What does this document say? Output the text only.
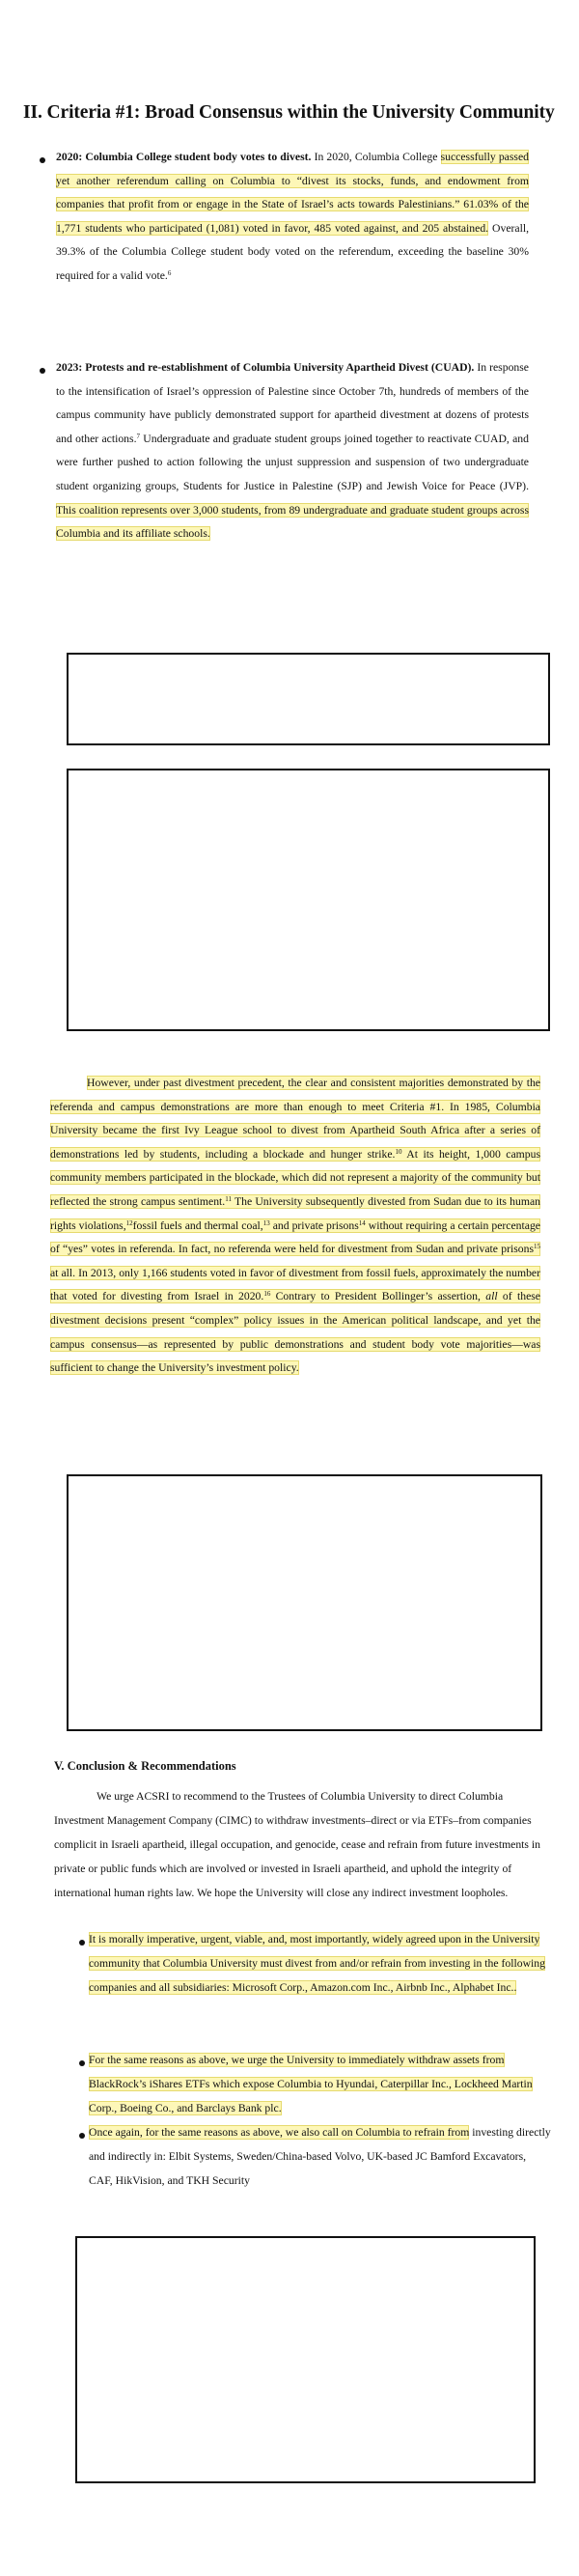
II. Criteria #1: Broad Consensus within the University Community

2020: Columbia College student body votes to divest. In 2020, Columbia College successfully passed yet another referendum calling on Columbia to “divest its stocks, funds, and endowment from companies that profit from or engage in the State of Israel’s acts towards Palestinians.” 61.03% of the 1,771 students who participated (1,081) voted in favor, 485 voted against, and 205 abstained. Overall, 39.3% of the Columbia College student body voted on the referendum, exceeding the baseline 30% required for a valid vote.$^6$

2023: Protests and re-establishment of Columbia University Apartheid Divest (CUAD). In response to the intensification of Israel’s oppression of Palestine since October 7th, hundreds of members of the campus community have publicly demonstrated support for apartheid divestment at dozens of protests and other actions.$^7$ Undergraduate and graduate student groups joined together to reactivate CUAD, and were further pushed to action following the unjust suppression and suspension of two undergraduate student organizing groups, Students for Justice in Palestine (SJP) and Jewish Voice for Peace (JVP). This coalition represents over 3,000 students, from 89 undergraduate and graduate student groups across Columbia and its affiliate schools.

However, under past divestment precedent, the clear and consistent majorities demonstrated by the referenda and campus demonstrations are more than enough to meet Criteria #1. In 1985, Columbia University became the first Ivy League school to divest from Apartheid South Africa after a series of demonstrations led by students, including a blockade and hunger strike.$^{10}$ At its height, 1,000 campus community members participated in the blockade, which did not represent a majority of the community but reflected the strong campus sentiment.$^{11}$ The University subsequently divested from Sudan due to its human rights violations,$^{12}$fossil fuels and thermal coal,$^{13}$ and private prisons$^{14}$ without requiring a certain percentage of “yes” votes in referenda. In fact, no referenda were held for divestment from Sudan and private prisons$^{15}$ at all. In 2013, only 1,166 students voted in favor of divestment from fossil fuels, approximately the number that voted for divesting from Israel in 2020.16 Contrary to President Bollinger’s assertion, all of these divestment decisions present “complex” policy issues in the American political landscape, and yet the campus consensus—as represented by public demonstrations and student body vote majorities—was sufficient to change the University’s investment policy.

V. Conclusion & Recommendations

We urge ACSRI to recommend to the Trustees of Columbia University to direct Columbia Investment Management Company (CIMC) to withdraw investments–direct or via ETFs–from companies complicit in Israeli apartheid, illegal occupation, and genocide, cease and refrain from future investments in private or public funds which are involved or invested in Israeli apartheid, and uphold the integrity of international human rights law. We hope the University will close any indirect investment loopholes.

It is morally imperative, urgent, viable, and, most importantly, widely agreed upon in the University community that Columbia University must divest from and/or refrain from investing in the following companies and all subsidiaries: Microsoft Corp., Amazon.com Inc., Airbnb Inc., Alphabet Inc..

For the same reasons as above, we urge the University to immediately withdraw assets from BlackRock’s iShares ETFs which expose Columbia to Hyundai, Caterpillar Inc., Lockheed Martin Corp., Boeing Co., and Barclays Bank plc.

Once again, for the same reasons as above, we also call on Columbia to refrain from investing directly and indirectly in: Elbit Systems, Sweden/China-based Volvo, UK-based JC Bamford Excavators, CAF, HikVision, and TKH Security
